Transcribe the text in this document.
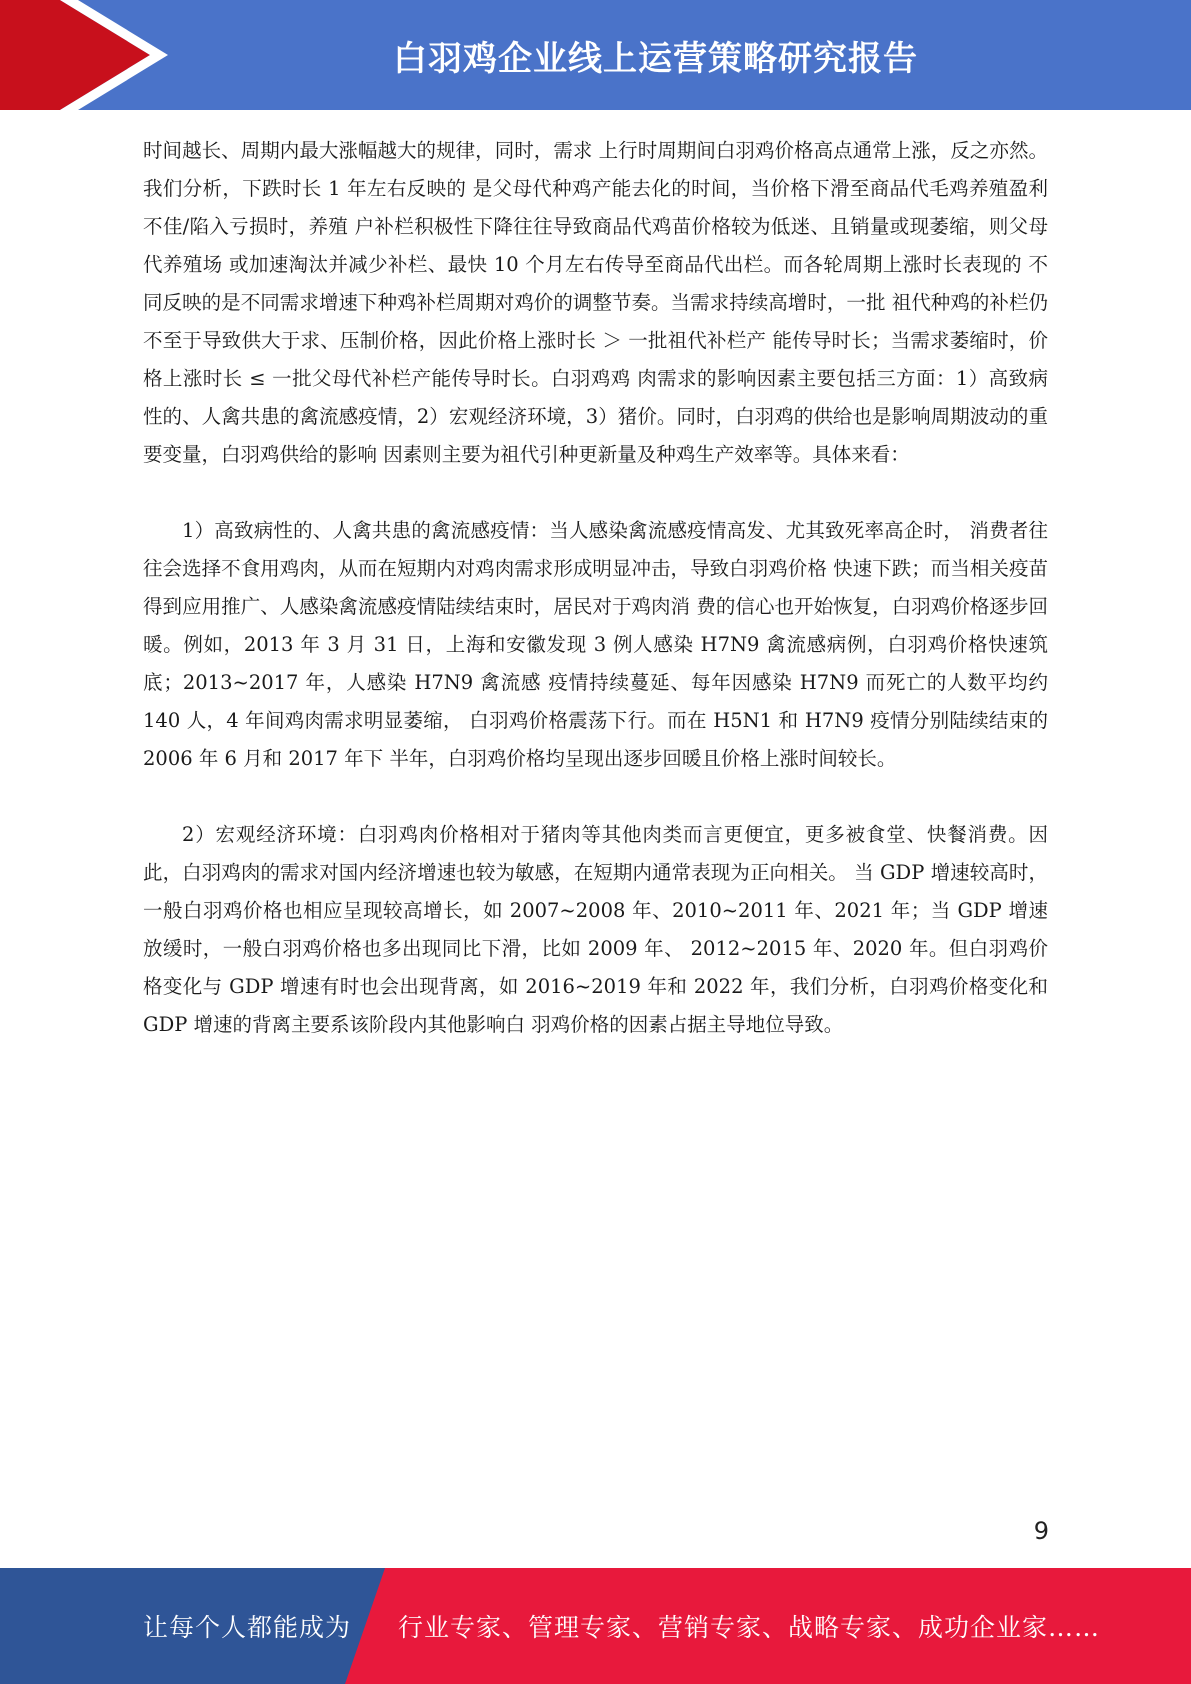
白羽鸡企业线上运营策略研究报告

时间越长、周期内最大涨幅越大的规律，同时，需求 上行时周期间白羽鸡价格高点通常上涨，反之亦然。我们分析，下跌时长 1 年左右反映的 是父母代种鸡产能去化的时间，当价格下滑至商品代毛鸡养殖盈利不佳/陷入亏损时，养殖 户补栏积极性下降往往导致商品代鸡苗价格较为低迷、且销量或现萎缩，则父母代养殖场 或加速淘汰并减少补栏、最快 10 个月左右传导至商品代出栏。而各轮周期上涨时长表现的 不同反映的是不同需求增速下种鸡补栏周期对鸡价的调整节奏。当需求持续高增时，一批 祖代种鸡的补栏仍不至于导致供大于求、压制价格，因此价格上涨时长 ＞ 一批祖代补栏产 能传导时长；当需求萎缩时，价格上涨时长 ≤ 一批父母代补栏产能传导时长。白羽鸡鸡 肉需求的影响因素主要包括三方面：1）高致病性的、人禽共患的禽流感疫情，2）宏观经济环境，3）猪价。同时，白羽鸡的供给也是影响周期波动的重要变量，白羽鸡供给的影响 因素则主要为祖代引种更新量及种鸡生产效率等。具体来看：

1）高致病性的、人禽共患的禽流感疫情：当人感染禽流感疫情高发、尤其致死率高企时， 消费者往往会选择不食用鸡肉，从而在短期内对鸡肉需求形成明显冲击，导致白羽鸡价格 快速下跌；而当相关疫苗得到应用推广、人感染禽流感疫情陆续结束时，居民对于鸡肉消 费的信心也开始恢复，白羽鸡价格逐步回暖。例如，2013 年 3 月 31 日，上海和安徽发现 3 例人感染 H7N9 禽流感病例，白羽鸡价格快速筑底；2013~2017 年，人感染 H7N9 禽流感 疫情持续蔓延、每年因感染 H7N9 而死亡的人数平均约 140 人，4 年间鸡肉需求明显萎缩， 白羽鸡价格震荡下行。而在 H5N1 和 H7N9 疫情分别陆续结束的 2006 年 6 月和 2017 年下 半年，白羽鸡价格均呈现出逐步回暖且价格上涨时间较长。

2）宏观经济环境：白羽鸡肉价格相对于猪肉等其他肉类而言更便宜，更多被食堂、快餐消费。因此，白羽鸡肉的需求对国内经济增速也较为敏感，在短期内通常表现为正向相关。 当 GDP 增速较高时，一般白羽鸡价格也相应呈现较高增长，如 2007~2008 年、2010~2011 年、2021 年；当 GDP 增速放缓时，一般白羽鸡价格也多出现同比下滑，比如 2009 年、 2012~2015 年、2020 年。但白羽鸡价格变化与 GDP 增速有时也会出现背离，如 2016~2019 年和 2022 年，我们分析，白羽鸡价格变化和 GDP 增速的背离主要系该阶段内其他影响白 羽鸡价格的因素占据主导地位导致。

9
让每个人都能成为 行业专家、管理专家、营销专家、战略专家、成功企业家……
